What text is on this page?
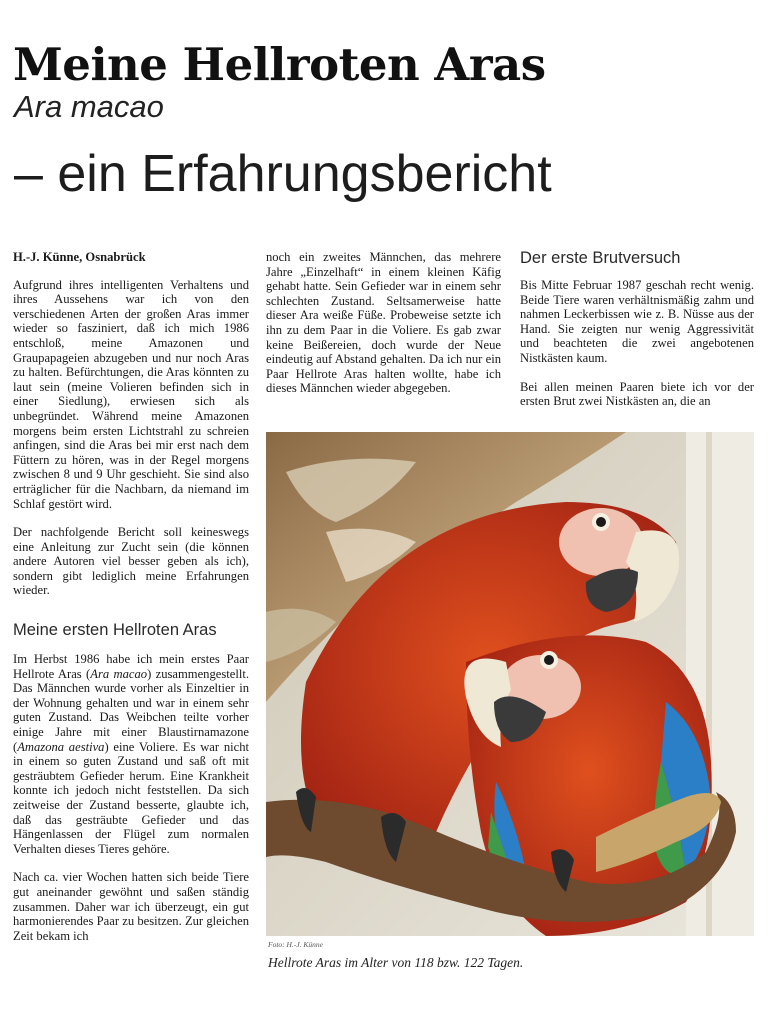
Meine Hellroten Aras
Ara macao
– ein Erfahrungsbericht
H.-J. Künne, Osnabrück

Aufgrund ihres intelligenten Verhaltens und ihres Aussehens war ich von den verschiedenen Arten der großen Aras immer wieder so fasziniert, daß ich mich 1986 entschloß, meine Amazonen und Graupapageien abzugeben und nur noch Aras zu halten. Befürchtungen, die Aras könnten zu laut sein (meine Volieren befinden sich in einer Siedlung), erwiesen sich als unbegründet. Während meine Amazonen morgens beim ersten Lichtstrahl zu schreien anfingen, sind die Aras bei mir erst nach dem Füttern zu hören, was in der Regel morgens zwischen 8 und 9 Uhr geschieht. Sie sind also erträglicher für die Nachbarn, da niemand im Schlaf gestört wird.

Der nachfolgende Bericht soll keineswegs eine Anleitung zur Zucht sein (die können andere Autoren viel besser geben als ich), sondern gibt lediglich meine Erfahrungen wieder.

Meine ersten Hellroten Aras

Im Herbst 1986 habe ich mein erstes Paar Hellrote Aras (Ara macao) zusammengestellt. Das Männchen wurde vorher als Einzeltier in der Wohnung gehalten und war in einem sehr guten Zustand. Das Weibchen teilte vorher einige Jahre mit einer Blaustirnamazone (Amazona aestiva) eine Voliere. Es war nicht in einem so guten Zustand und saß oft mit gesträubtem Gefieder herum. Eine Krankheit konnte ich jedoch nicht feststellen. Da sich zeitweise der Zustand besserte, glaubte ich, daß das gesträubte Gefieder und das Hängenlassen der Flügel zum normalen Verhalten dieses Tieres gehöre.

Nach ca. vier Wochen hatten sich beide Tiere gut aneinander gewöhnt und saßen ständig zusammen. Daher war ich überzeugt, ein gut harmonierendes Paar zu besitzen. Zur gleichen Zeit bekam ich

noch ein zweites Männchen, das mehrere Jahre „Einzelhaft“ in einem kleinen Käfig gehabt hatte. Sein Gefieder war in einem sehr schlechten Zustand. Seltsamerweise hatte dieser Ara weiße Füße. Probeweise setzte ich ihn zu dem Paar in die Voliere. Es gab zwar keine Beißereien, doch wurde der Neue eindeutig auf Abstand gehalten. Da ich nur ein Paar Hellrote Aras halten wollte, habe ich dieses Männchen wieder abgegeben.

Der erste Brutversuch

Bis Mitte Februar 1987 geschah recht wenig. Beide Tiere waren verhältnismäßig zahm und nahmen Leckerbissen wie z. B. Nüsse aus der Hand. Sie zeigten nur wenig Aggressivität und beachteten die zwei angebotenen Nistkästen kaum.

Bei allen meinen Paaren biete ich vor der ersten Brut zwei Nistkästen an, die an

Foto: H.-J. Künne
Hellrote Aras im Alter von 118 bzw. 122 Tagen.
